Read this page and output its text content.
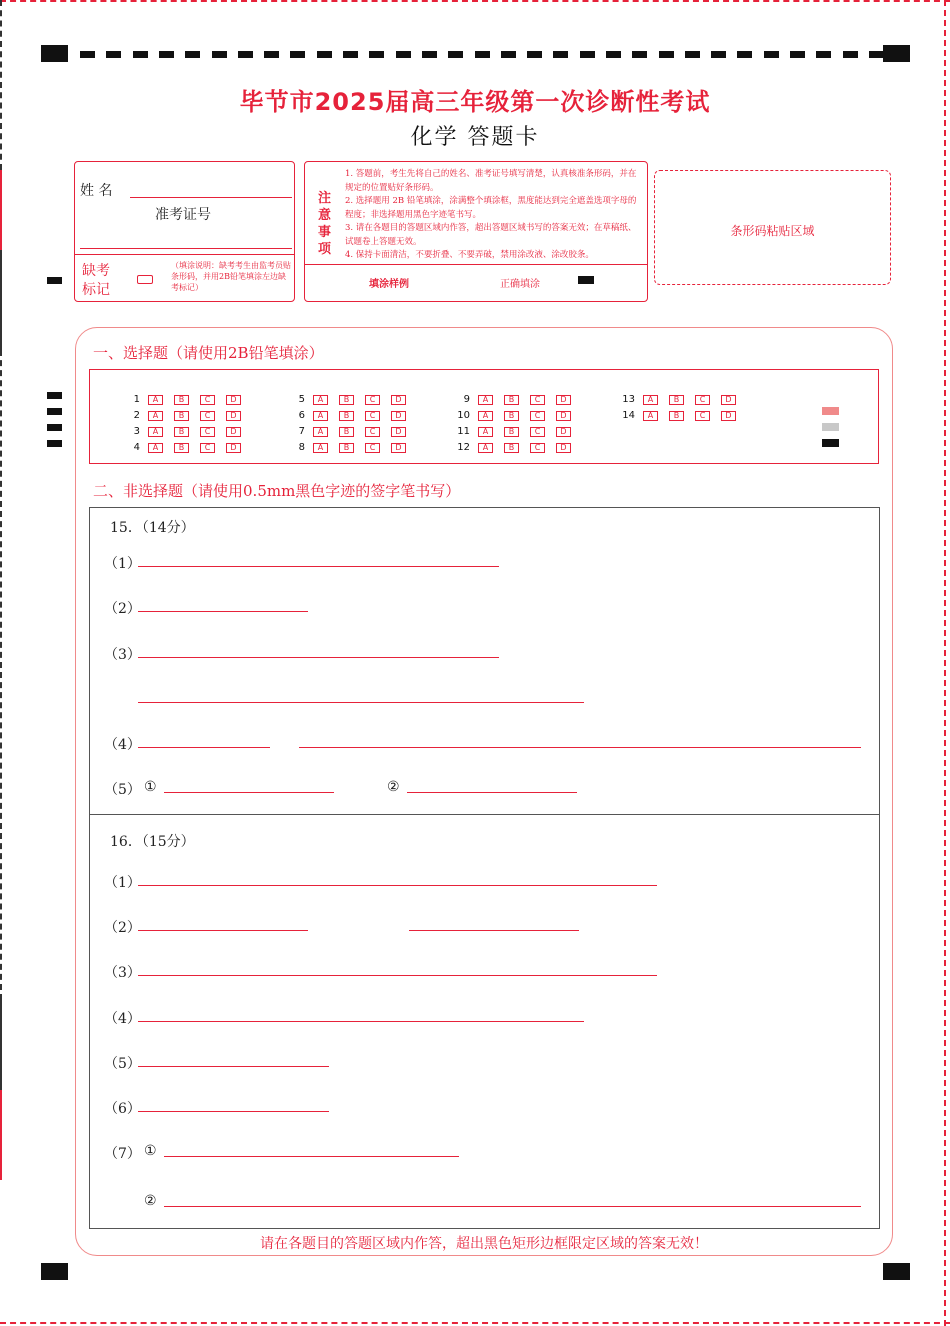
毕节市2025届高三年级第一次诊断性考试
化学 答题卡
姓 名
准考证号
缺考
标记
（填涂说明：缺考考生由监考员贴条形码，并用2B铅笔填涂左边缺考标记）
注
意
事
项
1. 答题前，考生先将自己的姓名、准考证号填写清楚，认真核准条形码，并在规定的位置贴好条形码。
2. 选择题用 2B 铅笔填涂，涂满整个填涂框，黑度能达到完全遮盖选项字母的程度；非选择题用黑色字迹笔书写。
3. 请在各题目的答题区域内作答，超出答题区域书写的答案无效；在草稿纸、试题卷上答题无效。
4. 保持卡面清洁，不要折叠、不要弄破，禁用涂改液、涂改胶条。
填涂样例	正确填涂
条形码粘贴区域
一、选择题（请使用2B铅笔填涂）
1 A	B	C	D
2 A	B	C	D
3 A	B	C	D
4 A	B	C	D
5 A	B	C	D
6 A	B	C	D
7 A	B	C	D
8 A	B	C	D
9 A	B	C	D
10 A	B	C	D
11 A	B	C	D
12 A	B	C	D
13 A	B	C	D
14 A	B	C	D
二、非选择题（请使用0.5mm黑色字迹的签字笔书写）
15．（14分）
（1）
（2）
（3）
（4）
（5） ①	②
16．（15分）
（1）
（2）
（3）
（4）
（5）
（6）
（7） ①
②
请在各题目的答题区域内作答，超出黑色矩形边框限定区域的答案无效！
